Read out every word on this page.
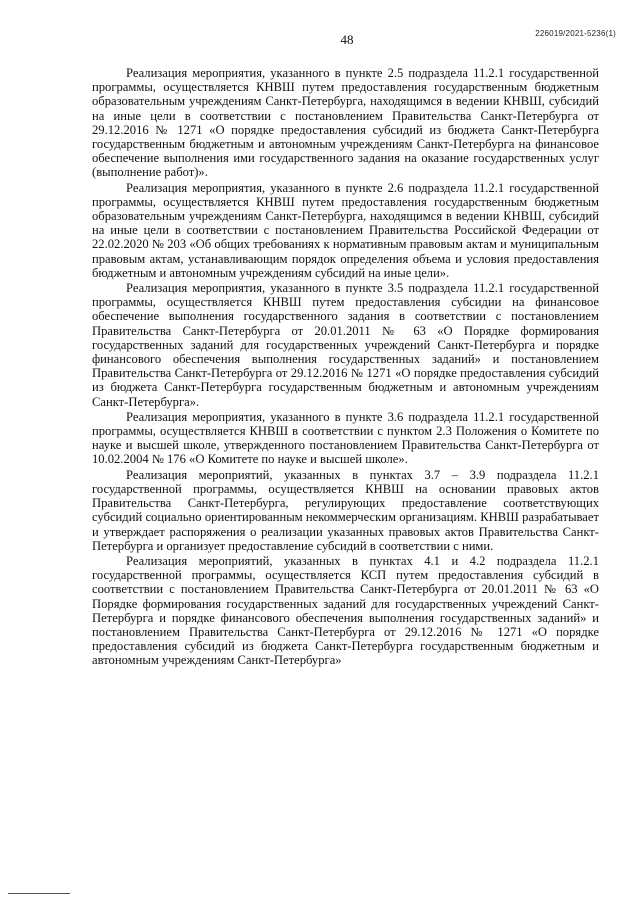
226019/2021-5236(1)
48

Реализация мероприятия, указанного в пункте 2.5 подраздела 11.2.1 государственной программы, осуществляется КНВШ путем предоставления государственным бюджетным образовательным учреждениям Санкт-Петербурга, находящимся в ведении КНВШ, субсидий на иные цели в соответствии с постановлением Правительства Санкт-Петербурга от 29.12.2016 № 1271 «О порядке предоставления субсидий из бюджета Санкт-Петербурга государственным бюджетным и автономным учреждениям Санкт-Петербурга на финансовое обеспечение выполнения ими государственного задания на оказание государственных услуг (выполнение работ)».

Реализация мероприятия, указанного в пункте 2.6 подраздела 11.2.1 государственной программы, осуществляется КНВШ путем предоставления государственным бюджетным образовательным учреждениям Санкт-Петербурга, находящимся в ведении КНВШ, субсидий на иные цели в соответствии с постановлением Правительства Российской Федерации от 22.02.2020 № 203 «Об общих требованиях к нормативным правовым актам и муниципальным правовым актам, устанавливающим порядок определения объема и условия предоставления бюджетным и автономным учреждениям субсидий на иные цели».

Реализация мероприятия, указанного в пункте 3.5 подраздела 11.2.1 государственной программы, осуществляется КНВШ путем предоставления субсидии на финансовое обеспечение выполнения государственного задания в соответствии с постановлением Правительства Санкт-Петербурга от 20.01.2011 № 63 «О Порядке формирования государственных заданий для государственных учреждений Санкт-Петербурга и порядке финансового обеспечения выполнения государственных заданий» и постановлением Правительства Санкт-Петербурга от 29.12.2016 № 1271 «О порядке предоставления субсидий из бюджета Санкт-Петербурга государственным бюджетным и автономным учреждениям Санкт-Петербурга».

Реализация мероприятия, указанного в пункте 3.6 подраздела 11.2.1 государственной программы, осуществляется КНВШ в соответствии с пунктом 2.3 Положения о Комитете по науке и высшей школе, утвержденного постановлением Правительства Санкт-Петербурга от 10.02.2004 № 176 «О Комитете по науке и высшей школе».

Реализация мероприятий, указанных в пунктах 3.7 – 3.9 подраздела 11.2.1 государственной программы, осуществляется КНВШ на основании правовых актов Правительства Санкт-Петербурга, регулирующих предоставление соответствующих субсидий социально ориентированным некоммерческим организациям. КНВШ разрабатывает и утверждает распоряжения о реализации указанных правовых актов Правительства Санкт-Петербурга и организует предоставление субсидий в соответствии с ними.

Реализация мероприятий, указанных в пунктах 4.1 и 4.2 подраздела 11.2.1 государственной программы, осуществляется КСП путем предоставления субсидий в соответствии с постановлением Правительства Санкт-Петербурга от 20.01.2011 № 63 «О Порядке формирования государственных заданий для государственных учреждений Санкт-Петербурга и порядке финансового обеспечения выполнения государственных заданий» и постановлением Правительства Санкт-Петербурга от 29.12.2016 № 1271 «О порядке предоставления субсидий из бюджета Санкт-Петербурга государственным бюджетным и автономным учреждениям Санкт-Петербурга»
